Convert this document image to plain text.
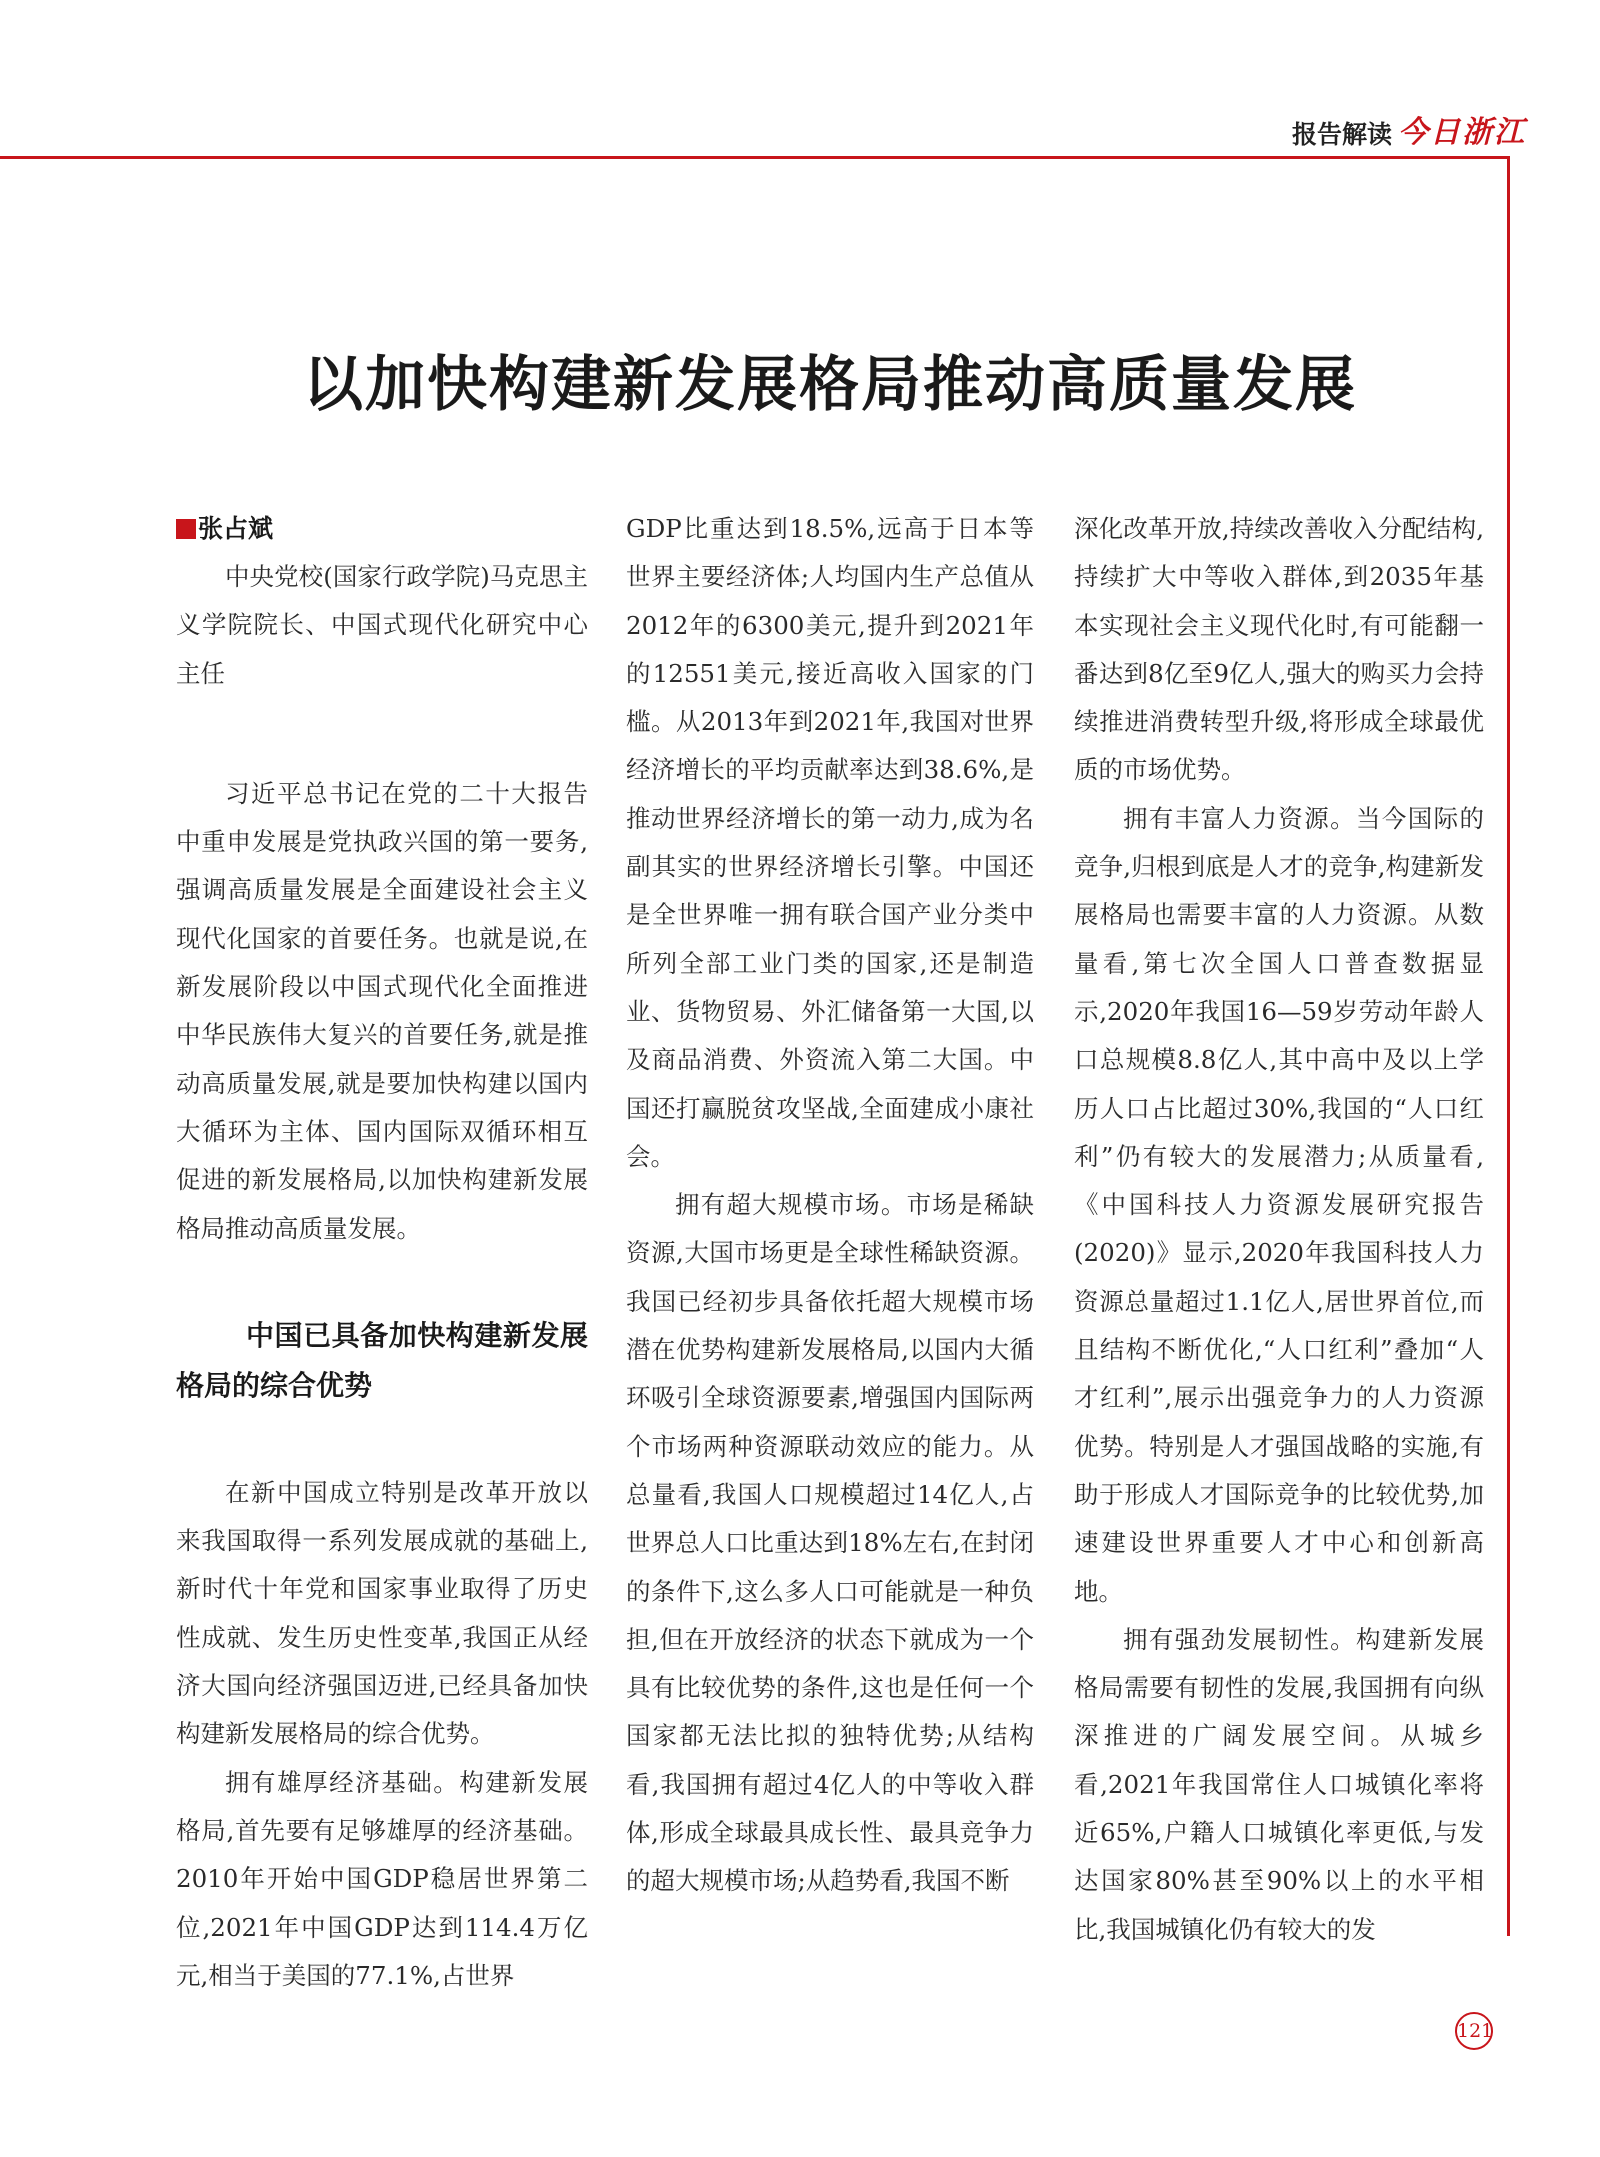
报告解读 今日浙江
以加快构建新发展格局推动高质量发展
张占斌

中央党校(国家行政学院)马克思主义学院院长、中国式现代化研究中心主任

习近平总书记在党的二十大报告中重申发展是党执政兴国的第一要务,强调高质量发展是全面建设社会主义现代化国家的首要任务。也就是说,在新发展阶段以中国式现代化全面推进中华民族伟大复兴的首要任务,就是推动高质量发展,就是要加快构建以国内大循环为主体、国内国际双循环相互促进的新发展格局,以加快构建新发展格局推动高质量发展。

中国已具备加快构建新发展格局的综合优势

在新中国成立特别是改革开放以来我国取得一系列发展成就的基础上,新时代十年党和国家事业取得了历史性成就、发生历史性变革,我国正从经济大国向经济强国迈进,已经具备加快构建新发展格局的综合优势。

拥有雄厚经济基础。构建新发展格局,首先要有足够雄厚的经济基础。2010年开始中国GDP稳居世界第二位,2021年中国GDP达到114.4万亿元,相当于美国的77.1%,占世界

GDP比重达到18.5%,远高于日本等世界主要经济体;人均国内生产总值从2012年的6300美元,提升到2021年的12551美元,接近高收入国家的门槛。从2013年到2021年,我国对世界经济增长的平均贡献率达到38.6%,是推动世界经济增长的第一动力,成为名副其实的世界经济增长引擎。中国还是全世界唯一拥有联合国产业分类中所列全部工业门类的国家,还是制造业、货物贸易、外汇储备第一大国,以及商品消费、外资流入第二大国。中国还打赢脱贫攻坚战,全面建成小康社会。

拥有超大规模市场。市场是稀缺资源,大国市场更是全球性稀缺资源。我国已经初步具备依托超大规模市场潜在优势构建新发展格局,以国内大循环吸引全球资源要素,增强国内国际两个市场两种资源联动效应的能力。从总量看,我国人口规模超过14亿人,占世界总人口比重达到18%左右,在封闭的条件下,这么多人口可能就是一种负担,但在开放经济的状态下就成为一个具有比较优势的条件,这也是任何一个国家都无法比拟的独特优势;从结构看,我国拥有超过4亿人的中等收入群体,形成全球最具成长性、最具竞争力的超大规模市场;从趋势看,我国不断

深化改革开放,持续改善收入分配结构,持续扩大中等收入群体,到2035年基本实现社会主义现代化时,有可能翻一番达到8亿至9亿人,强大的购买力会持续推进消费转型升级,将形成全球最优质的市场优势。

拥有丰富人力资源。当今国际的竞争,归根到底是人才的竞争,构建新发展格局也需要丰富的人力资源。从数量看,第七次全国人口普查数据显示,2020年我国16—59岁劳动年龄人口总规模8.8亿人,其中高中及以上学历人口占比超过30%,我国的“人口红利”仍有较大的发展潜力;从质量看,《中国科技人力资源发展研究报告(2020)》显示,2020年我国科技人力资源总量超过1.1亿人,居世界首位,而且结构不断优化,“人口红利”叠加“人才红利”,展示出强竞争力的人力资源优势。特别是人才强国战略的实施,有助于形成人才国际竞争的比较优势,加速建设世界重要人才中心和创新高地。

拥有强劲发展韧性。构建新发展格局需要有韧性的发展,我国拥有向纵深推进的广阔发展空间。从城乡看,2021年我国常住人口城镇化率将近65%,户籍人口城镇化率更低,与发达国家80%甚至90%以上的水平相比,我国城镇化仍有较大的发

121
